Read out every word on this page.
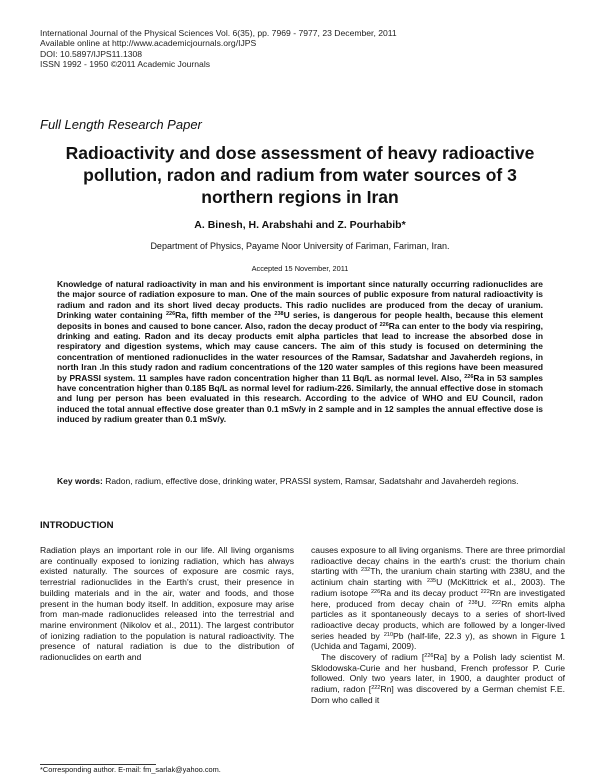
International Journal of the Physical Sciences Vol. 6(35), pp. 7969 - 7977, 23 December, 2011
Available online at http://www.academicjournals.org/IJPS
DOI: 10.5897/IJPS11.1308
ISSN 1992 - 1950 ©2011 Academic Journals
Full Length Research Paper
Radioactivity and dose assessment of heavy radioactive pollution, radon and radium from water sources of 3 northern regions in Iran
A. Binesh, H. Arabshahi and Z. Pourhabib*
Department of Physics, Payame Noor University of Fariman, Fariman, Iran.
Accepted 15 November, 2011
Knowledge of natural radioactivity in man and his environment is important since naturally occurring radionuclides are the major source of radiation exposure to man. One of the main sources of public exposure from natural radioactivity is radium and radon and its short lived decay products. This radio nuclides are produced from the decay of uranium. Drinking water containing $^{226}$Ra, fifth member of the $^{238}$U series, is dangerous for people health, because this element deposits in bones and caused to bone cancer. Also, radon the decay product of $^{226}$Ra can enter to the body via respiring, drinking and eating. Radon and its decay products emit alpha particles that lead to increase the absorbed dose in respiratory and digestion systems, which may cause cancers. The aim of this study is focused on determining the concentration of mentioned radionuclides in the water resources of the Ramsar, Sadatshar and Javaherdeh regions, in north Iran .In this study radon and radium concentrations of the 120 water samples of this regions have been measured by PRASSI system. 11 samples have radon concentration higher than 11 Bq/L as normal level. Also, $^{226}$Ra in 53 samples have concentration higher than 0.185 Bq/L as normal level for radium-226. Similarly, the annual effective dose in stomach and lung per person has been evaluated in this research. According to the advice of WHO and EU Council, radon induced the total annual effective dose greater than 0.1 mSv/y in 2 sample and in 12 samples the annual effective dose is induced by radium greater than 0.1 mSv/y.
Key words: Radon, radium, effective dose, drinking water, PRASSI system, Ramsar, Sadatshahr and Javaherdeh regions.
INTRODUCTION

Radiation plays an important role in our life. All living organisms are continually exposed to ionizing radiation, which has always existed naturally. The sources of exposure are cosmic rays, terrestrial radionuclides in the Earth's crust, their presence in building materials and in the air, water and foods, and those present in the human body itself. In addition, exposure may arise from man-made radionuclides released into the terrestrial and marine environment (Nikolov et al., 2011). The largest contributor of ionizing radiation to the population is natural radioactivity. The presence of natural radiation is due to the distribution of radionuclides on earth and

causes exposure to all living organisms. There are three primordial radioactive decay chains in the earth's crust: the thorium chain starting with $^{232}$Th, the uranium chain starting with 238U, and the actinium chain starting with $^{235}$U (McKittrick et al., 2003). The radium isotope $^{226}$Ra and its decay product $^{222}$Rn are investigated here, produced from decay chain of $^{238}$U. $^{222}$Rn emits alpha particles as it spontaneously decays to a series of short-lived radioactive decay products, which are followed by a longer-lived series headed by $^{210}$Pb (half-life, 22.3 y), as shown in Figure 1 (Uchida and Tagami, 2009).

The discovery of radium [$^{226}$Ra] by a Polish lady scientist M. Sklodowska-Curie and her husband, French professor P. Curie followed. Only two years later, in 1900, a daughter product of radium, radon [$^{222}$Rn] was discovered by a German chemist F.E. Dorn who called it

*Corresponding author. E-mail: fm_sarlak@yahoo.com.
